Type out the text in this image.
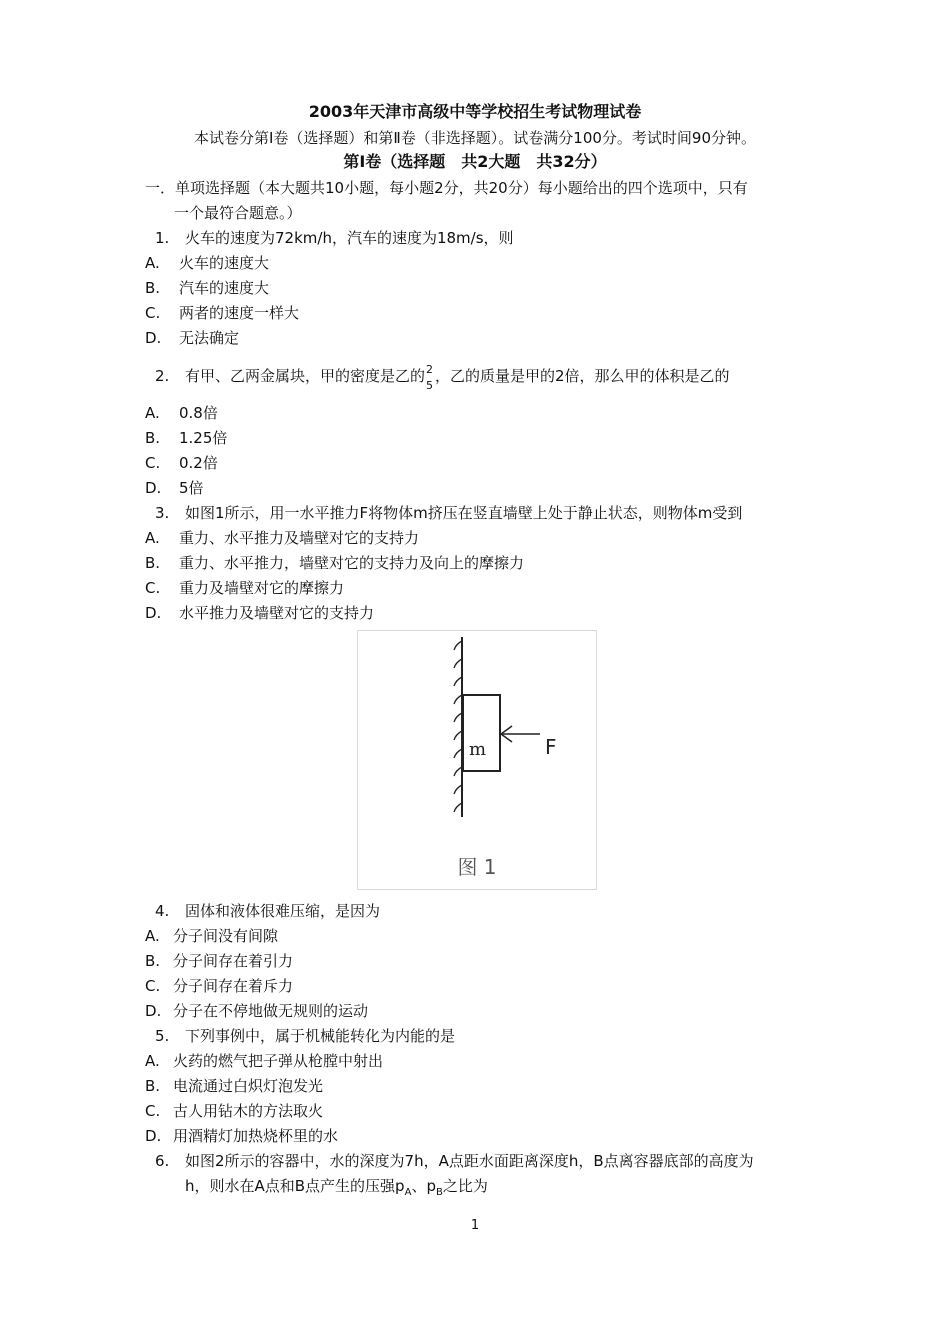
2003年天津市高级中等学校招生考试物理试卷
本试卷分第Ⅰ卷（选择题）和第Ⅱ卷（非选择题）。试卷满分100分。考试时间90分钟。
第Ⅰ卷（选择题　共2大题　共32分）
一．单项选择题（本大题共10小题，每小题2分，共20分）每小题给出的四个选项中，只有
一个最符合题意。）
1. 火车的速度为72km/h，汽车的速度为18m/s，则
A. 火车的速度大
B. 汽车的速度大
C. 两者的速度一样大
D. 无法确定
2. 有甲、乙两金属块，甲的密度是乙的 2
5
，乙的质量是甲的2倍，那么甲的体积是乙的
A. 0.8倍
B. 1.25倍
C. 0.2倍
D. 5倍
3. 如图1所示，用一水平推力F将物体m挤压在竖直墙壁上处于静止状态，则物体m受到
A. 重力、水平推力及墙壁对它的支持力
B. 重力、水平推力，墙壁对它的支持力及向上的摩擦力
C. 重力及墙壁对它的摩擦力
D. 水平推力及墙壁对它的支持力
m	F
图 1
4. 固体和液体很难压缩，是因为
A. 分子间没有间隙
B. 分子间存在着引力
C. 分子间存在着斥力
D. 分子在不停地做无规则的运动
5. 下列事例中，属于机械能转化为内能的是
A. 火药的燃气把子弹从枪膛中射出
B. 电流通过白炽灯泡发光
C. 古人用钻木的方法取火
D. 用酒精灯加热烧杯里的水
6. 如图2所示的容器中，水的深度为7h，A点距水面距离深度h，B点离容器底部的高度为
h，则水在A点和B点产生的压强$p_A$、$p_B$之比为
1
